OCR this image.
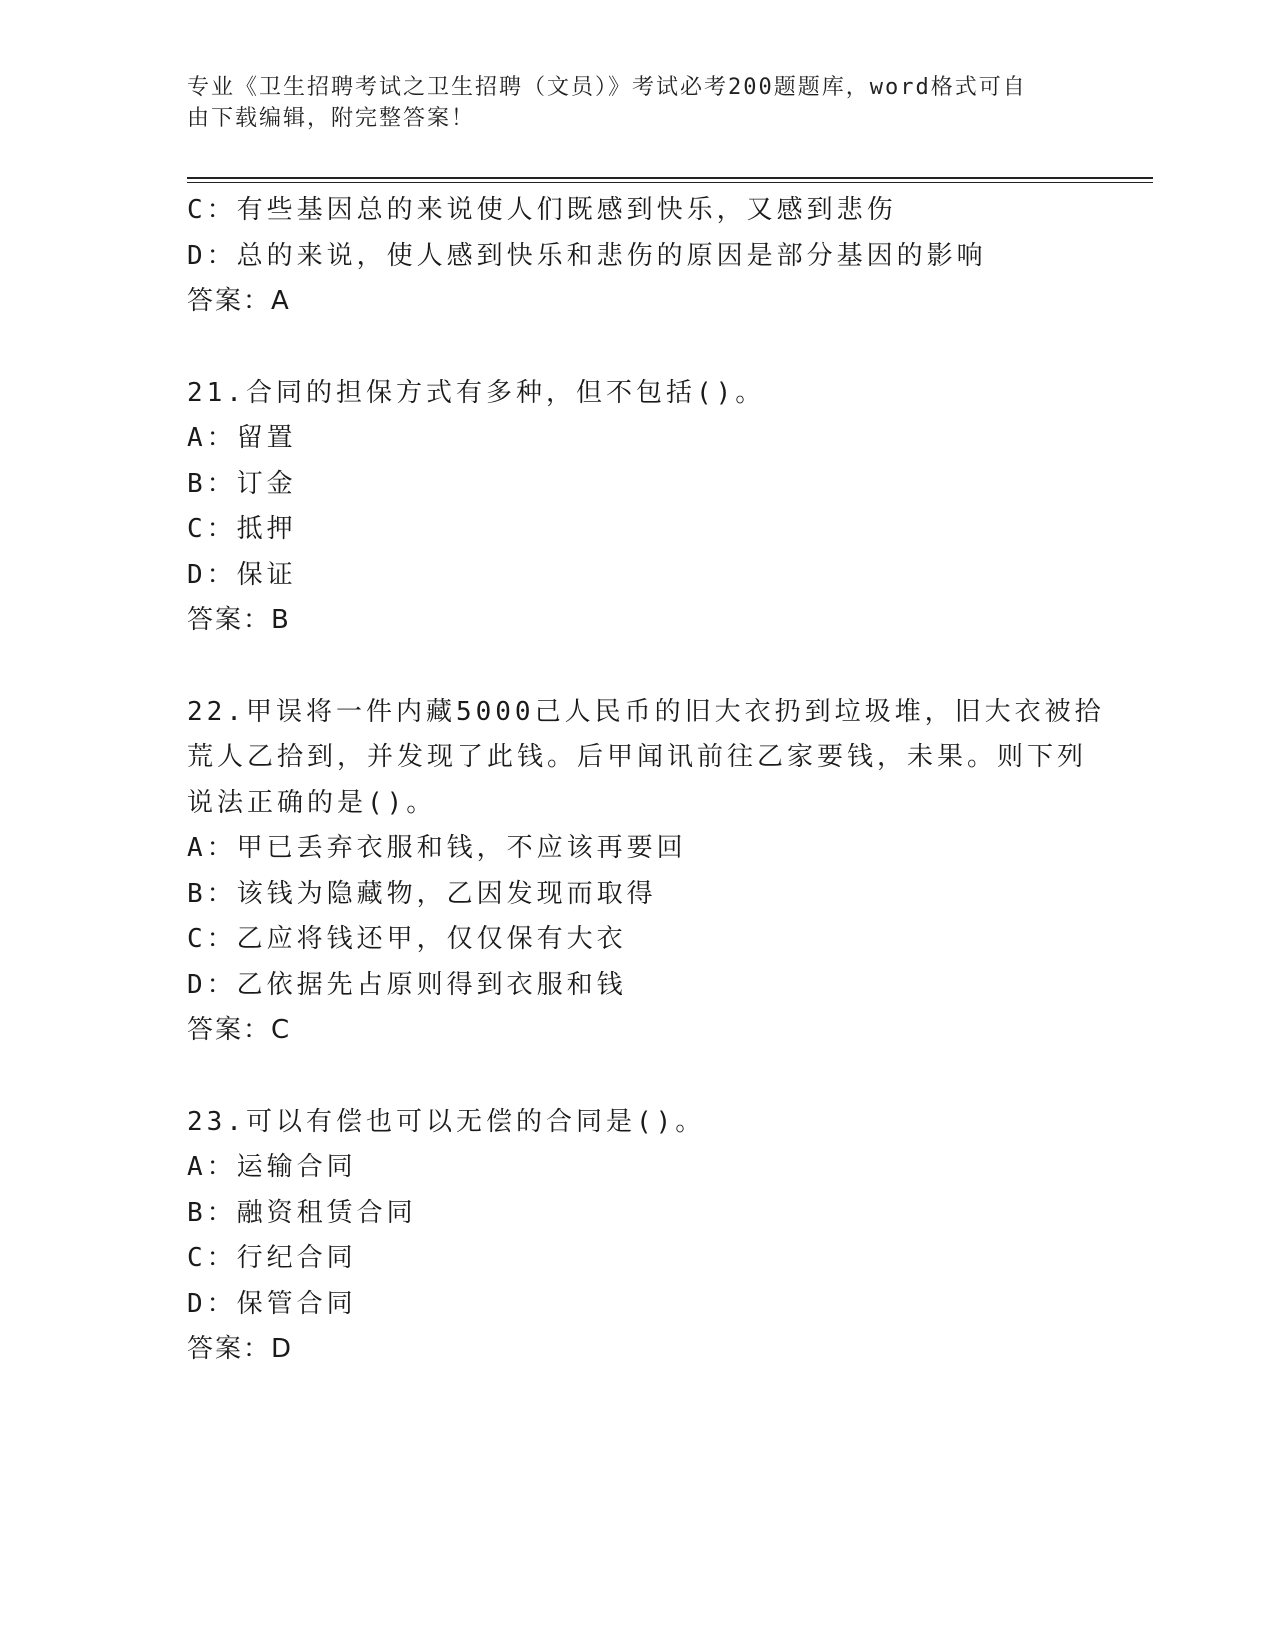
专业《卫生招聘考试之卫生招聘（文员）》考试必考200题题库，word格式可自
由下载编辑，附完整答案！
C：有些基因总的来说使人们既感到快乐，又感到悲伤
D：总的来说，使人感到快乐和悲伤的原因是部分基因的影响
答案：A
21.合同的担保方式有多种，但不包括()。
A：留置
B：订金
C：抵押
D：保证
答案：B
22.甲误将一件内藏5000己人民币的旧大衣扔到垃圾堆，旧大衣被拾
荒人乙拾到，并发现了此钱。后甲闻讯前往乙家要钱，未果。则下列
说法正确的是()。
A：甲已丢弃衣服和钱，不应该再要回
B：该钱为隐藏物，乙因发现而取得
C：乙应将钱还甲，仅仅保有大衣
D：乙依据先占原则得到衣服和钱
答案：C
23.可以有偿也可以无偿的合同是()。
A：运输合同
B：融资租赁合同
C：行纪合同
D：保管合同
答案：D
